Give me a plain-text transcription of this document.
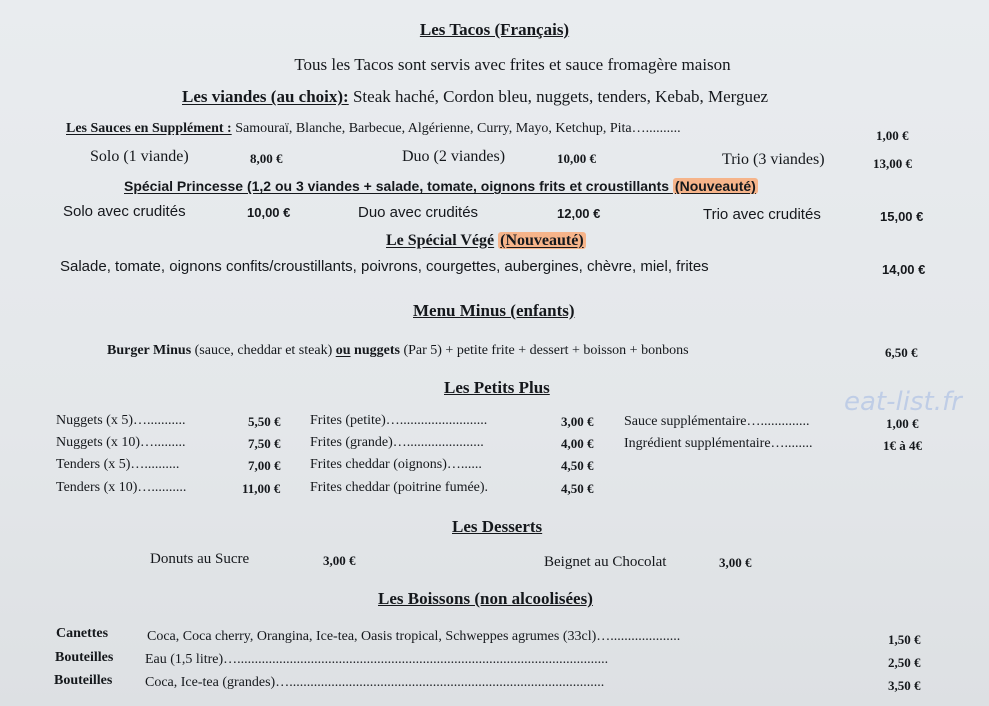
Les Tacos (Français)
Tous les Tacos sont servis avec frites et sauce fromagère maison
Les viandes (au choix): Steak haché, Cordon bleu, nuggets, tenders, Kebab, Merguez
Les Sauces en Supplément : Samouraï, Blanche, Barbecue, Algérienne, Curry, Mayo, Ketchup, Pita…..........	1,00 €
Solo (1 viande)	8,00 €	Duo (2 viandes)	10,00 €	Trio (3 viandes)	13,00 €
Spécial Princesse (1,2 ou 3 viandes + salade, tomate, oignons frits et croustillants (Nouveauté)
Solo avec crudités	10,00 €	Duo avec crudités	12,00 €	Trio avec crudités	15,00 €
Le Spécial Végé (Nouveauté)
Salade, tomate, oignons confits/croustillants, poivrons, courgettes, aubergines, chèvre, miel, frites	14,00 €
Menu Minus (enfants)
Burger Minus (sauce, cheddar et steak) ou nuggets (Par 5) + petite frite + dessert + boisson + bonbons	6,50 €
Les Petits Plus
Nuggets (x 5)…...........	5,50 €
Nuggets (x 10)….........	7,50 €
Tenders (x 5)…..........	7,00 €
Tenders (x 10)…..........	11,00 €
Frites (petite)….........................	3,00 €
Frites (grande)…......................	4,00 €
Frites cheddar (oignons)…......	4,50 €
Frites cheddar (poitrine fumée).	4,50 €
Sauce supplémentaire…..............	1,00 €
Ingrédient supplémentaire…........	1€ à 4€
eat-list.fr
Les Desserts
Donuts au Sucre	3,00 €	Beignet au Chocolat	3,00 €
Les Boissons (non alcoolisées)
Canettes	Coca, Coca cherry, Orangina, Ice-tea, Oasis tropical, Schweppes agrumes (33cl)…....................	1,50 €
Bouteilles Eau (1,5 litre)…..........................................................................................................	2,50 €
Bouteilles Coca, Ice-tea (grandes)…..........................................................................................	3,50 €
